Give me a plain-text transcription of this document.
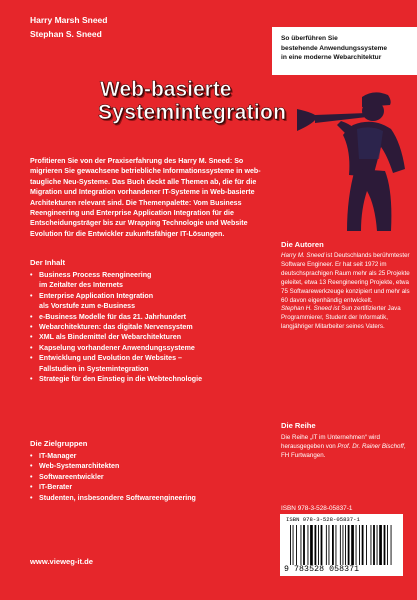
Harry Marsh Sneed
Stephan S. Sneed	So überführen Sie
bestehende Anwendungssysteme
in eine moderne Webarchitektur
Web-basierte
Systemintegration
Profitieren Sie von der Praxiserfahrung des Harry M. Sneed: So migrieren Sie gewachsene betriebliche Informationssysteme in web-taugliche Neu-Systeme. Das Buch deckt alle Themen ab, die für die Migration und Integration vorhandener IT-Systeme in Web-basierte Architekturen relevant sind. Die Themenpalette: Vom Business Reengineering und Enterprise Application Integration für die Entscheidungsträger bis zur Wrapping Technologie und Website Evolution für die Entwickler zukunftsfähiger IT-Lösungen.
Der Inhalt
• Business Process Reengineering
im Zeitalter des Internets
• Enterprise Application Integration
als Vorstufe zum e-Business
• e-Business Modelle für das 21. Jahrhundert
• Webarchitekturen: das digitale Nervensystem
• XML als Bindemittel der Webarchitekturen
• Kapselung vorhandener Anwendungssysteme
• Entwicklung und Evolution der Websites –
Fallstudien in Systemintegration
• Strategie für den Einstieg in die Webtechnologie
Die Zielgruppen
• IT-Manager
• Web-Systemarchitekten
• Softwareentwickler
• IT-Berater
• Studenten, insbesondere Softwareengineering
www.vieweg-it.de
Die Autoren
Harry M. Sneed ist Deutschlands berühmtester Software Engineer. Er hat seit 1972 im deutschsprachigen Raum mehr als 25 Projekte geleitet, etwa 13 Reengineering Projekte, etwa 75 Softwarewerkzeuge konzipiert und mehr als 60 davon eigenhändig entwickelt.
Stephan H. Sneed ist Sun zertifizierter Java Programmierer, Student der Informatik, langjähriger Mitarbeiter seines Vaters.
Die Reihe
Die Reihe „IT im Unternehmen“ wird herausgegeben von Prof. Dr. Rainer Bischoff, FH Furtwangen.
ISBN 978-3-528-05837-1
ISBN 978-3-528-05837-1
9 783528 058371
